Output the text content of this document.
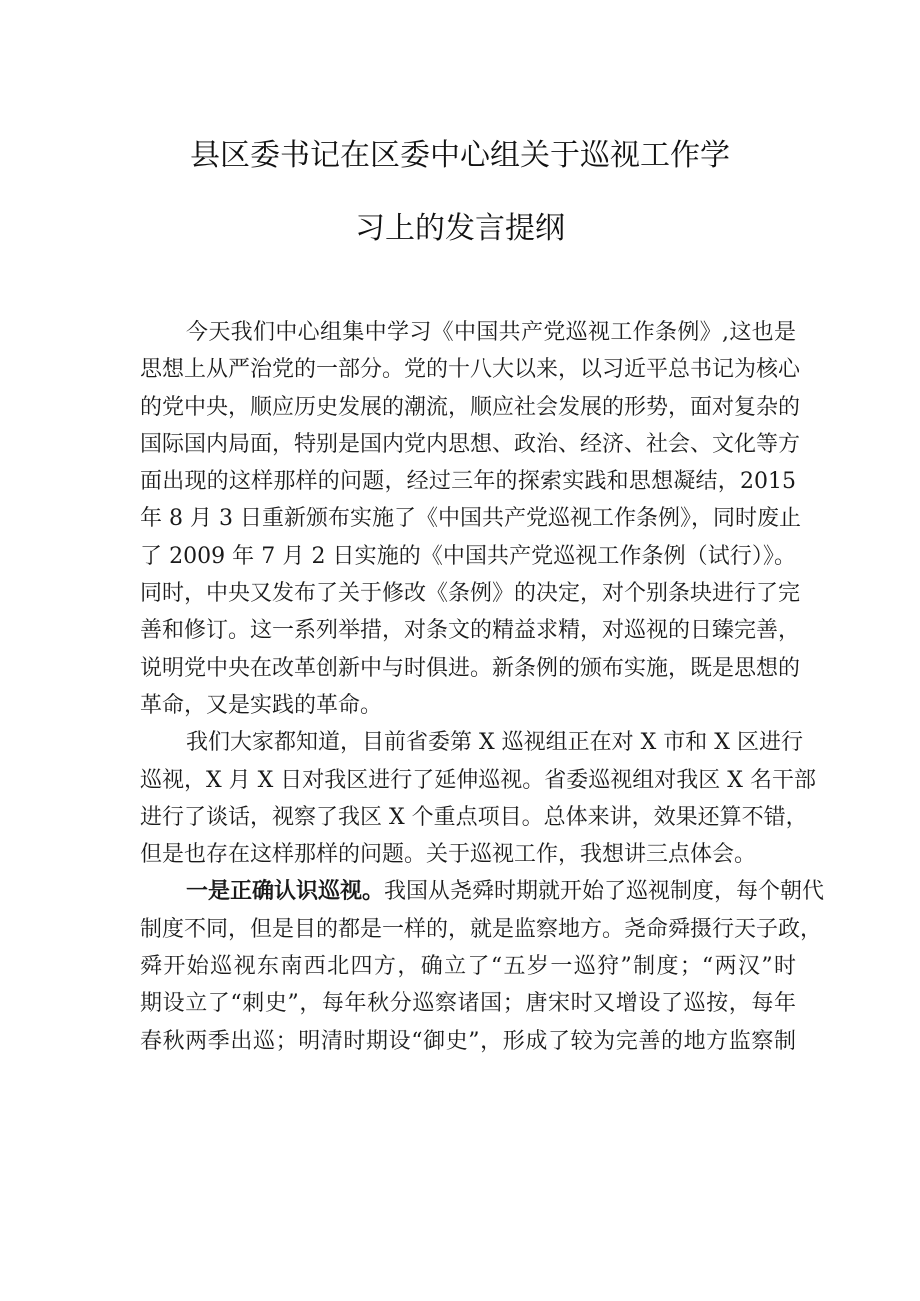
县区委书记在区委中心组关于巡视工作学
习上的发言提纲
今天我们中心组集中学习《中国共产党巡视工作条例》,这也是
思想上从严治党的一部分。党的十八大以来，以习近平总书记为核心
的党中央，顺应历史发展的潮流，顺应社会发展的形势，面对复杂的
国际国内局面，特别是国内党内思想、政治、经济、社会、文化等方
面出现的这样那样的问题，经过三年的探索实践和思想凝结，2015
年 8 月 3 日重新颁布实施了《中国共产党巡视工作条例》，同时废止
了 2009 年 7 月 2 日实施的《中国共产党巡视工作条例（试行）》。
同时，中央又发布了关于修改《条例》的决定，对个别条块进行了完
善和修订。这一系列举措，对条文的精益求精，对巡视的日臻完善，
说明党中央在改革创新中与时俱进。新条例的颁布实施，既是思想的
革命，又是实践的革命。
我们大家都知道，目前省委第 X 巡视组正在对 X 市和 X 区进行
巡视，X 月 X 日对我区进行了延伸巡视。省委巡视组对我区 X 名干部
进行了谈话，视察了我区 X 个重点项目。总体来讲，效果还算不错，
但是也存在这样那样的问题。关于巡视工作，我想讲三点体会。
一是正确认识巡视。我国从尧舜时期就开始了巡视制度，每个朝代
制度不同，但是目的都是一样的，就是监察地方。尧命舜摄行天子政，
舜开始巡视东南西北四方，确立了“五岁一巡狩”制度；“两汉”时
期设立了“刺史”，每年秋分巡察诸国；唐宋时又增设了巡按，每年
春秋两季出巡；明清时期设“御史”，形成了较为完善的地方监察制
